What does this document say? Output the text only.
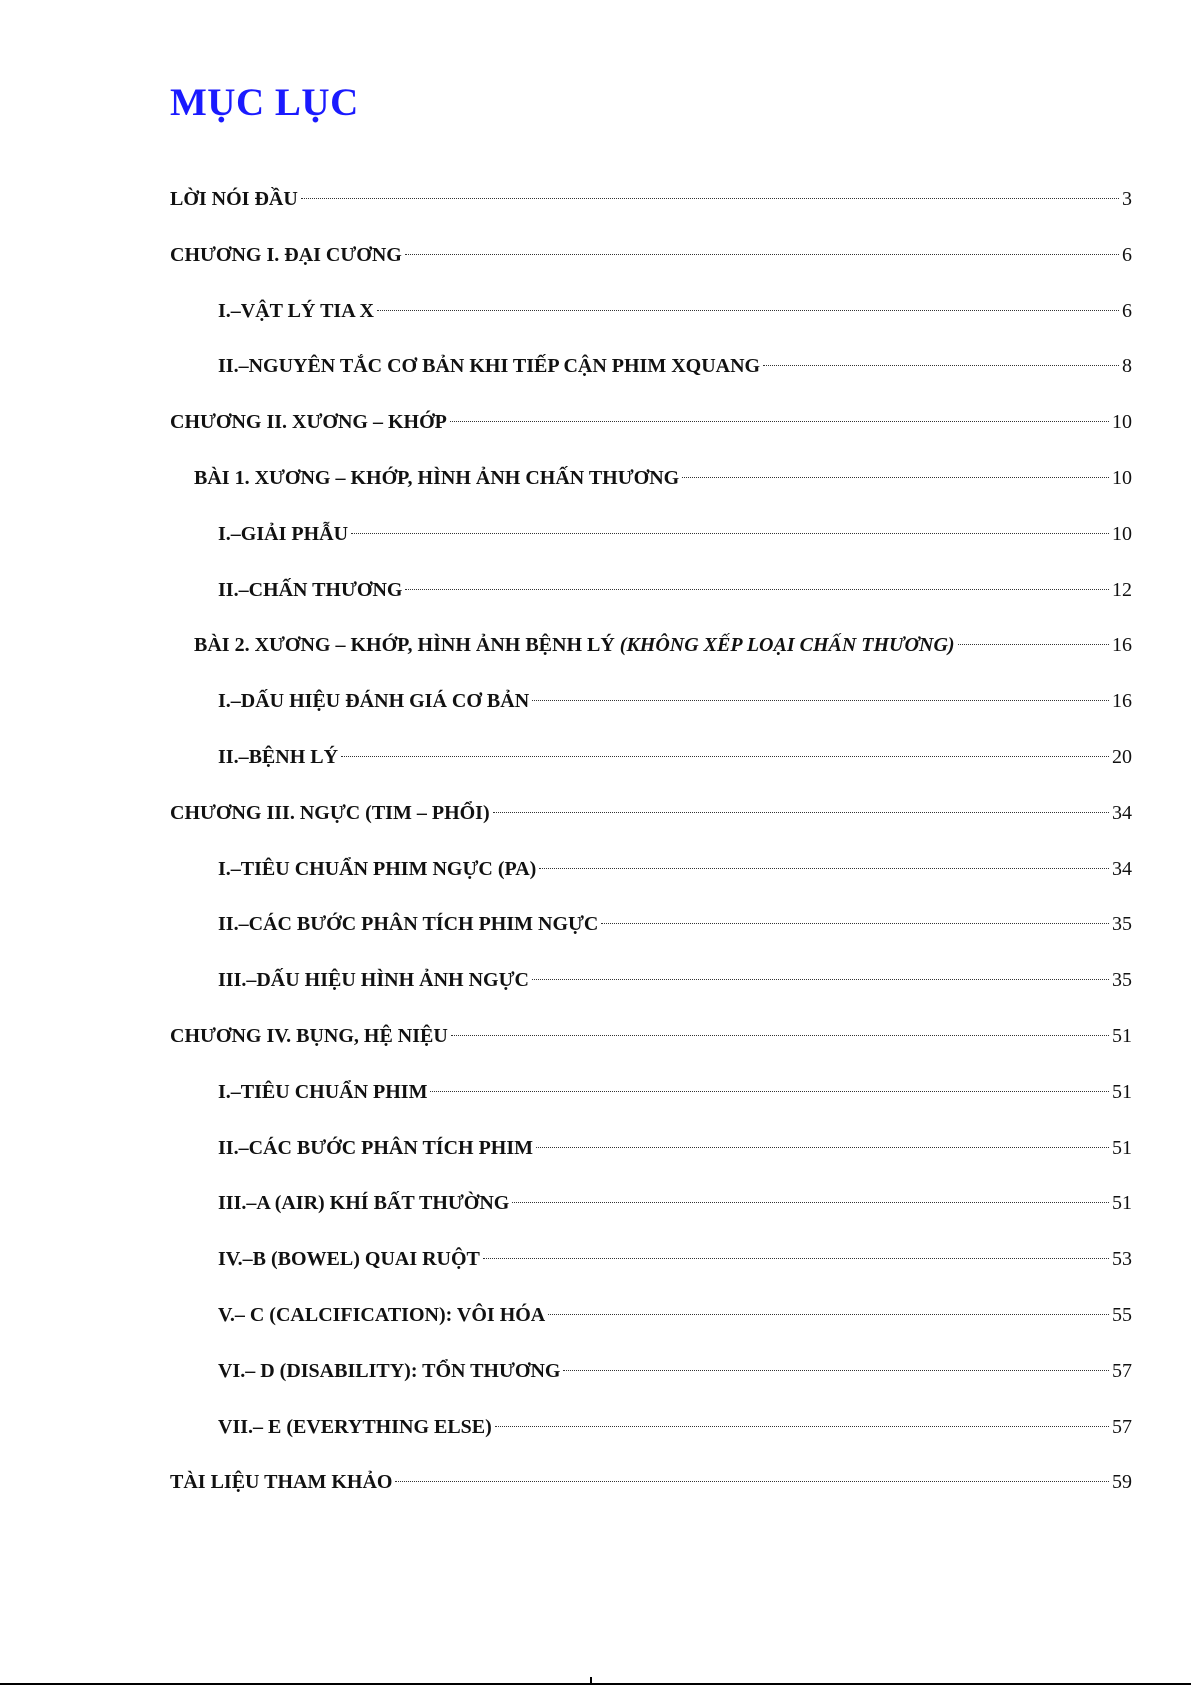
MỤC LỤC
LỜI NÓI ĐẦU	3
CHƯƠNG I. ĐẠI CƯƠNG	6
I.–VẬT LÝ TIA X	6
II.–NGUYÊN TẮC CƠ BẢN KHI TIẾP CẬN PHIM XQUANG	8
CHƯƠNG II. XƯƠNG – KHỚP	10
BÀI 1. XƯƠNG – KHỚP, HÌNH ẢNH CHẤN THƯƠNG	10
I.–GIẢI PHẪU	10
II.–CHẤN THƯƠNG	12
BÀI 2. XƯƠNG – KHỚP, HÌNH ẢNH BỆNH LÝ (KHÔNG XẾP LOẠI CHẤN THƯƠNG)	16
I.–DẤU HIỆU ĐÁNH GIÁ CƠ BẢN	16
II.–BỆNH LÝ	20
CHƯƠNG III. NGỰC (TIM – PHỔI)	34
I.–TIÊU CHUẨN PHIM NGỰC (PA)	34
II.–CÁC BƯỚC PHÂN TÍCH PHIM NGỰC	35
III.–DẤU HIỆU HÌNH ẢNH NGỰC	35
CHƯƠNG IV. BỤNG, HỆ NIỆU	51
I.–TIÊU CHUẨN PHIM	51
II.–CÁC BƯỚC PHÂN TÍCH PHIM	51
III.–A (AIR) KHÍ BẤT THƯỜNG	51
IV.–B (BOWEL) QUAI RUỘT	53
V.– C (CALCIFICATION): VÔI HÓA	55
VI.– D (DISABILITY): TỔN THƯƠNG	57
VII.– E (EVERYTHING ELSE)	57
TÀI LIỆU THAM KHẢO	59
